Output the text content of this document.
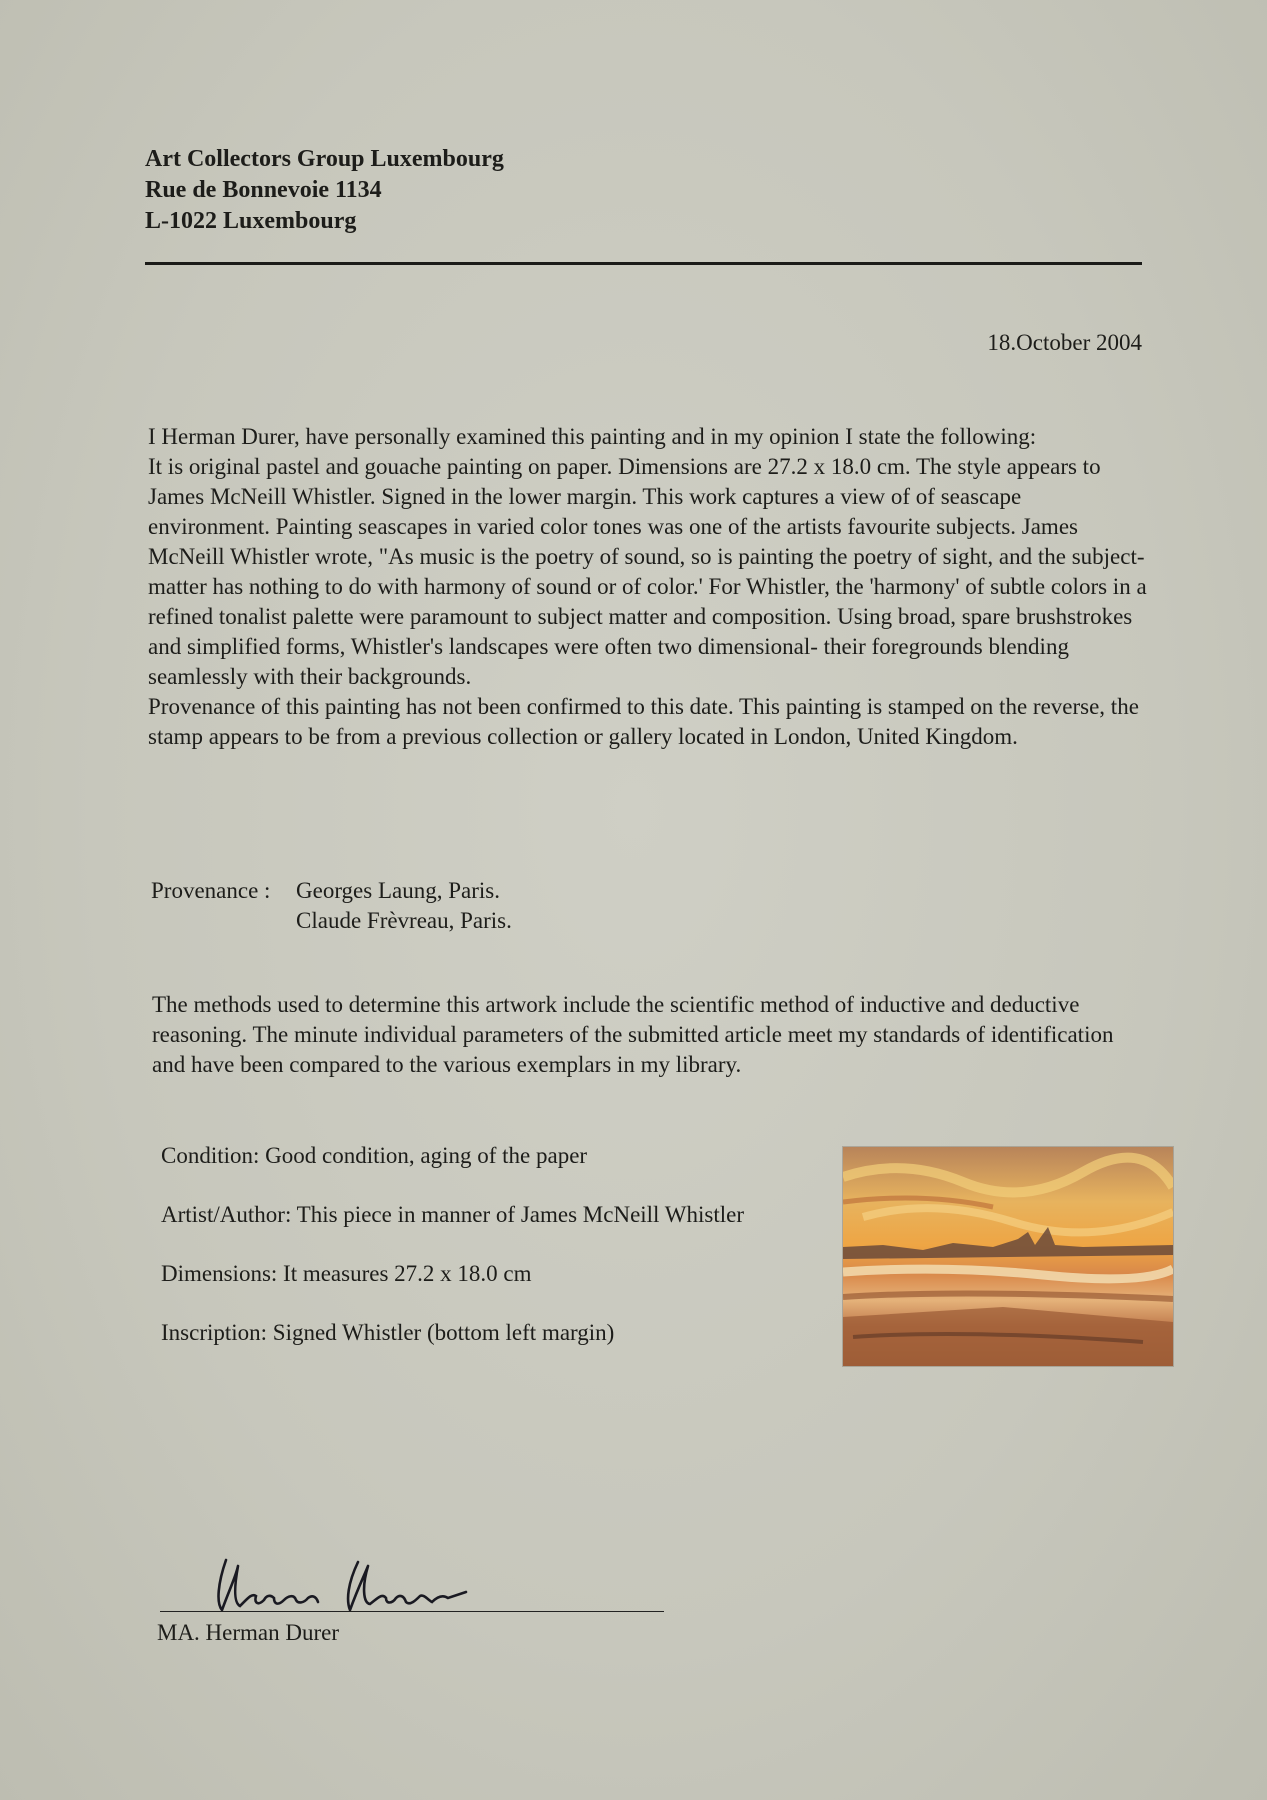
Art Collectors Group Luxembourg
Rue de Bonnevoie 1134
L-1022 Luxembourg
18.October 2004

I Herman Durer, have personally examined this painting and in my opinion I state the following:

It is original pastel and gouache painting on paper. Dimensions are 27.2 x 18.0 cm. The style appears to James McNeill Whistler. Signed in the lower margin. This work captures a view of of seascape environment. Painting seascapes in varied color tones was one of the artists favourite subjects. James McNeill Whistler wrote, "As music is the poetry of sound, so is painting the poetry of sight, and the subject-matter has nothing to do with harmony of sound or of color.' For Whistler, the 'harmony' of subtle colors in a refined tonalist palette were paramount to subject matter and composition. Using broad, spare brushstrokes and simplified forms, Whistler's landscapes were often two dimensional- their foregrounds blending seamlessly with their backgrounds.

Provenance of this painting has not been confirmed to this date. This painting is stamped on the reverse, the stamp appears to be from a previous collection or gallery located in London, United Kingdom.

Provenance :	Georges Laung, Paris.
Claude Frèvreau, Paris.
The methods used to determine this artwork include the scientific method of inductive and deductive reasoning. The minute individual parameters of the submitted article meet my standards of identification and have been compared to the various exemplars in my library.
Condition: Good condition, aging of the paper
Artist/Author: This piece in manner of James McNeill Whistler
Dimensions: It measures 27.2 x 18.0 cm
Inscription: Signed Whistler (bottom left margin)
MA. Herman Durer
